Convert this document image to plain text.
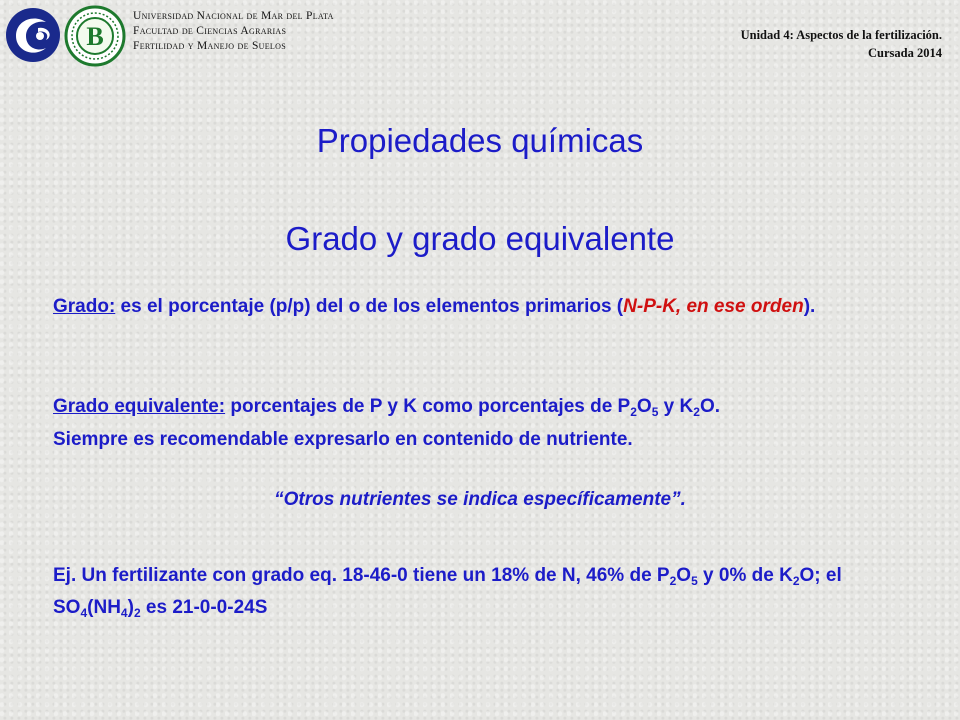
B
Universidad Nacional de Mar del Plata
Facultad de Ciencias Agrarias
Fertilidad y Manejo de Suelos
Unidad 4: Aspectos de la fertilización.
Cursada 2014
Propiedades químicas
Grado y grado equivalente
Grado: es el porcentaje (p/p) del o de los elementos primarios (N-P-K, en ese orden).
Grado equivalente: porcentajes de P y K como porcentajes de $P_2O_5$ y $K_2O$.
Siempre es recomendable expresarlo en contenido de nutriente.
“Otros nutrientes se indica específicamente”.
Ej. Un fertilizante con grado eq. 18-46-0 tiene un 18% de N, 46% de $P_2O_5$ y 0% de $K_2O$; el $SO_4(NH_4)_2$ es 21-0-0-24S
